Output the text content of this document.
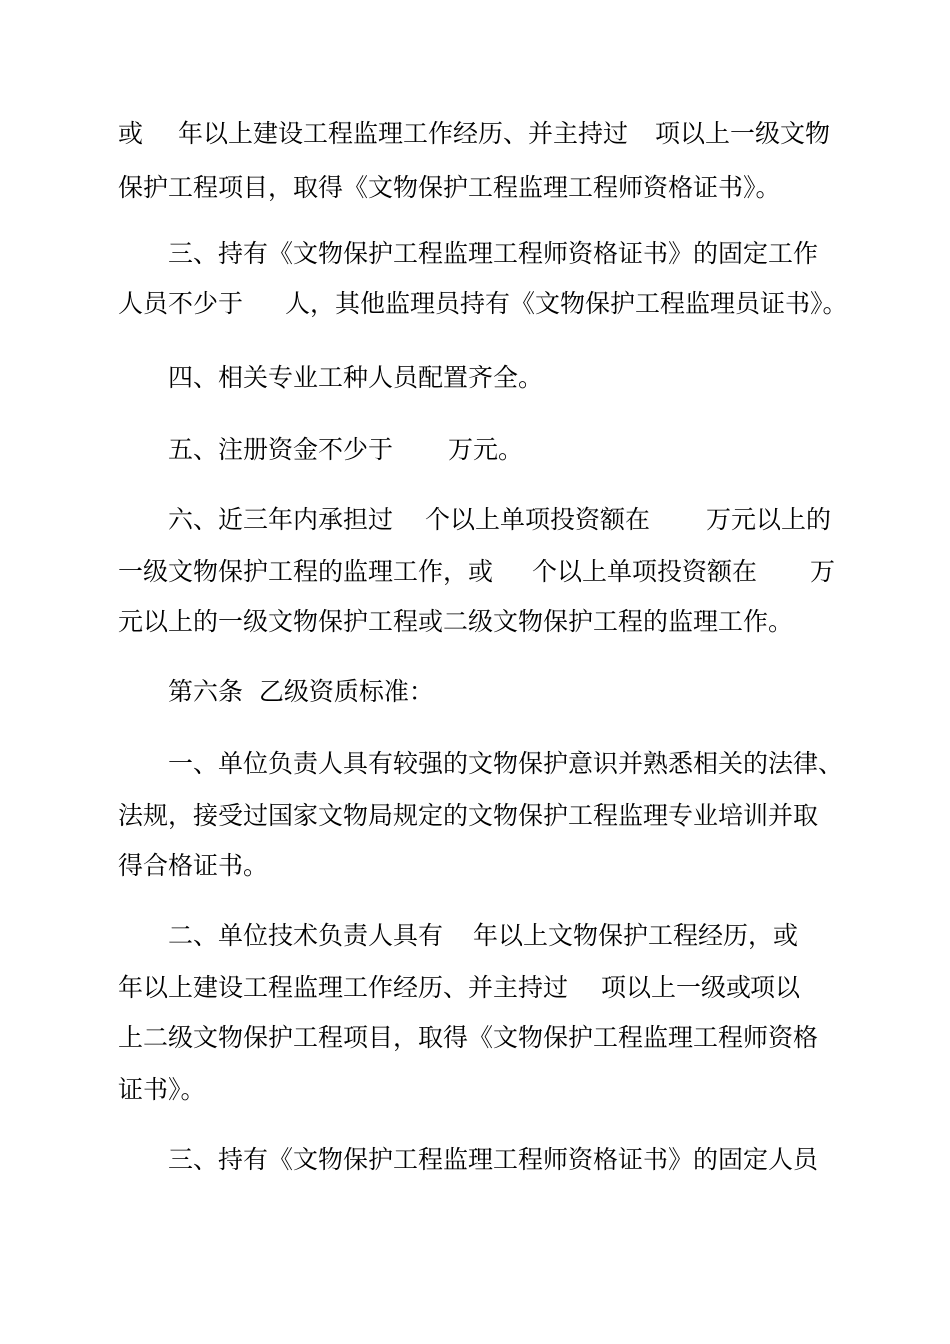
或

年以上建设工程监理工作经历、并主持过

项以上一级文物

保护工程项目，取得《文物保护工程监理工程师资格证书》。

三、持有《文物保护工程监理工程师资格证书》的固定工作

人员不少于

人，其他监理员持有《文物保护工程监理员证书》。

四、相关专业工种人员配置齐全。

五、注册资金不少于

万元。

六、近三年内承担过

个以上单项投资额在

万元以上的

一级文物保护工程的监理工作，或

个以上单项投资额在

万

元以上的一级文物保护工程或二级文物保护工程的监理工作。

第六条  乙级资质标准：

一、单位负责人具有较强的文物保护意识并熟悉相关的法律、

法规，接受过国家文物局规定的文物保护工程监理专业培训并取

得合格证书。

二、单位技术负责人具有

年以上文物保护工程经历，或

年以上建设工程监理工作经历、并主持过

项以上一级或

项以

上二级文物保护工程项目，取得《文物保护工程监理工程师资格

证书》。

三、持有《文物保护工程监理工程师资格证书》的固定人员
